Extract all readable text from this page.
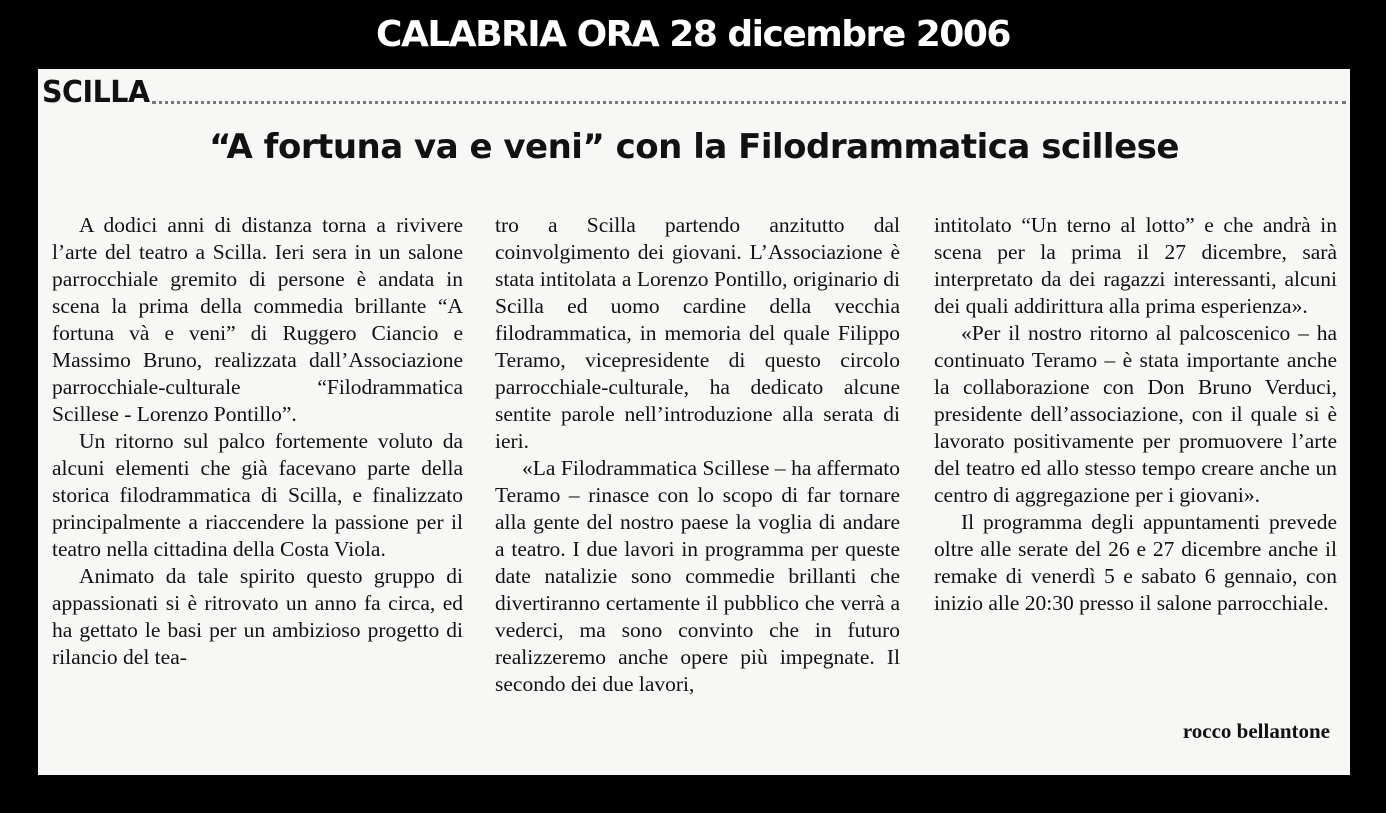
CALABRIA ORA 28 dicembre 2006
SCILLA
“A fortuna va e veni” con la Filodrammatica scillese

A dodici anni di distanza torna a rivivere l’arte del teatro a Scilla. Ieri sera in un salone parrocchiale gremito di persone è andata in scena la prima della commedia brillante “A fortuna và e veni” di Ruggero Ciancio e Massimo Bruno, realizzata dall’Associazione parrocchiale-culturale “Filodrammatica Scillese - Lorenzo Pontillo”.

Un ritorno sul palco fortemente voluto da alcuni elementi che già facevano parte della storica filodrammatica di Scilla, e finalizzato principalmente a riaccendere la passione per il teatro nella cittadina della Costa Viola.

Animato da tale spirito questo gruppo di appassionati si è ritrovato un anno fa circa, ed ha gettato le basi per un ambizioso progetto di rilancio del tea-

tro a Scilla partendo anzitutto dal coinvolgimento dei giovani. L’Associazione è stata intitolata a Lorenzo Pontillo, originario di Scilla ed uomo cardine della vecchia filodrammatica, in memoria del quale Filippo Teramo, vicepresidente di questo circolo parrocchiale-culturale, ha dedicato alcune sentite parole nell’introduzione alla serata di ieri.

«La Filodrammatica Scillese – ha affermato Teramo – rinasce con lo scopo di far tornare alla gente del nostro paese la voglia di andare a teatro. I due lavori in programma per queste date natalizie sono commedie brillanti che divertiranno certamente il pubblico che verrà a vederci, ma sono convinto che in futuro realizzeremo anche opere più impegnate. Il secondo dei due lavori,

intitolato “Un terno al lotto” e che andrà in scena per la prima il 27 dicembre, sarà interpretato da dei ragazzi interessanti, alcuni dei quali addirittura alla prima esperienza».

«Per il nostro ritorno al palcoscenico – ha continuato Teramo – è stata importante anche la collaborazione con Don Bruno Verduci, presidente dell’associazione, con il quale si è lavorato positivamente per promuovere l’arte del teatro ed allo stesso tempo creare anche un centro di aggregazione per i giovani».

Il programma degli appuntamenti prevede oltre alle serate del 26 e 27 dicembre anche il remake di venerdì 5 e sabato 6 gennaio, con inizio alle 20:30 presso il salone parrocchiale.

rocco bellantone
